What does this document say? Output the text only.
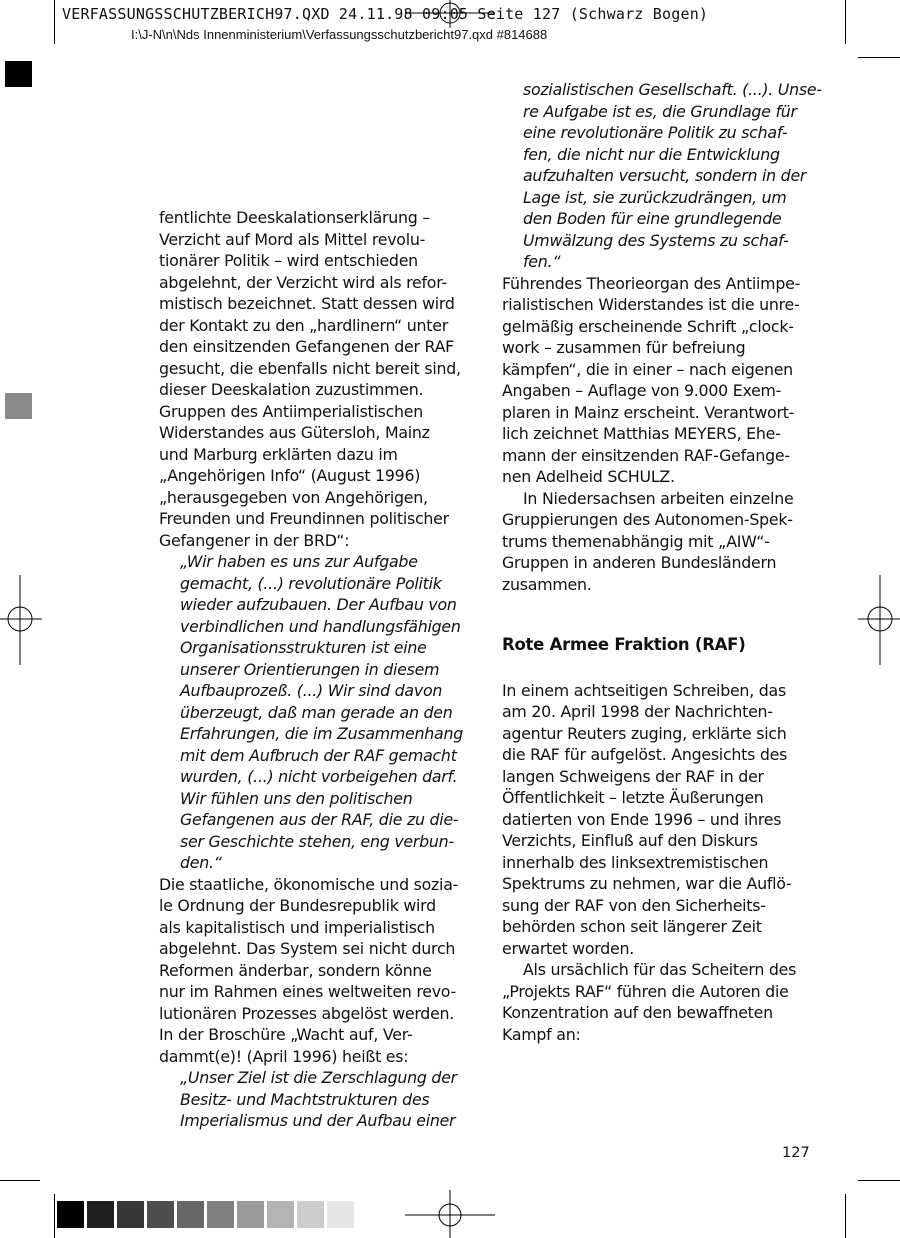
VERFASSUNGSSCHUTZBERICH97.QXD 24.11.98 09:05 Seite 127 (Schwarz Bogen)

I:\J-N\n\Nds Innenministerium\Verfassungsschutzbericht97.qxd #814688

fentlichte Deeskalationserklärung –

Verzicht auf Mord als Mittel revolu-

tionärer Politik – wird entschieden

abgelehnt, der Verzicht wird als refor-

mistisch bezeichnet. Statt dessen wird

der Kontakt zu den „hardlinern“ unter

den einsitzenden Gefangenen der RAF

gesucht, die ebenfalls nicht bereit sind,

dieser Deeskalation zuzustimmen.

Gruppen des Antiimperialistischen

Widerstandes aus Gütersloh, Mainz

und Marburg erklärten dazu im

„Angehörigen Info“ (August 1996)

„herausgegeben von Angehörigen,

Freunden und Freundinnen politischer

Gefangener in der BRD“:

„Wir haben es uns zur Aufgabe

gemacht, (...) revolutionäre Politik

wieder aufzubauen. Der Aufbau von

verbindlichen und handlungsfähigen

Organisationsstrukturen ist eine

unserer Orientierungen in diesem

Aufbauprozeß. (...) Wir sind davon

überzeugt, daß man gerade an den

Erfahrungen, die im Zusammenhang

mit dem Aufbruch der RAF gemacht

wurden, (...) nicht vorbeigehen darf.

Wir fühlen uns den politischen

Gefangenen aus der RAF, die zu die-

ser Geschichte stehen, eng verbun-

den.“

Die staatliche, ökonomische und sozia-

le Ordnung der Bundesrepublik wird

als kapitalistisch und imperialistisch

abgelehnt. Das System sei nicht durch

Reformen änderbar, sondern könne

nur im Rahmen eines weltweiten revo-

lutionären Prozesses abgelöst werden.

In der Broschüre „Wacht auf, Ver-

dammt(e)! (April 1996) heißt es:

„Unser Ziel ist die Zerschlagung der

Besitz- und Machtstrukturen des

Imperialismus und der Aufbau einer

sozialistischen Gesellschaft. (...). Unse-

re Aufgabe ist es, die Grundlage für

eine revolutionäre Politik zu schaf-

fen, die nicht nur die Entwicklung

aufzuhalten versucht, sondern in der

Lage ist, sie zurückzudrängen, um

den Boden für eine grundlegende

Umwälzung des Systems zu schaf-

fen.“

Führendes Theorieorgan des Antiimpe-

rialistischen Widerstandes ist die unre-

gelmäßig erscheinende Schrift „clock-

work – zusammen für befreiung

kämpfen“, die in einer – nach eigenen

Angaben – Auflage von 9.000 Exem-

plaren in Mainz erscheint. Verantwort-

lich zeichnet Matthias MEYERS, Ehe-

mann der einsitzenden RAF-Gefange-

nen Adelheid SCHULZ.

In Niedersachsen arbeiten einzelne

Gruppierungen des Autonomen-Spek-

trums themenabhängig mit „AIW“-

Gruppen in anderen Bundesländern

zusammen.

Rote Armee Fraktion (RAF)

In einem achtseitigen Schreiben, das

am 20. April 1998 der Nachrichten-

agentur Reuters zuging, erklärte sich

die RAF für aufgelöst. Angesichts des

langen Schweigens der RAF in der

Öffentlichkeit – letzte Äußerungen

datierten von Ende 1996 – und ihres

Verzichts, Einfluß auf den Diskurs

innerhalb des linksextremistischen

Spektrums zu nehmen, war die Auflö-

sung der RAF von den Sicherheits-

behörden schon seit längerer Zeit

erwartet worden.

Als ursächlich für das Scheitern des

„Projekts RAF“ führen die Autoren die

Konzentration auf den bewaffneten

Kampf an:

127
